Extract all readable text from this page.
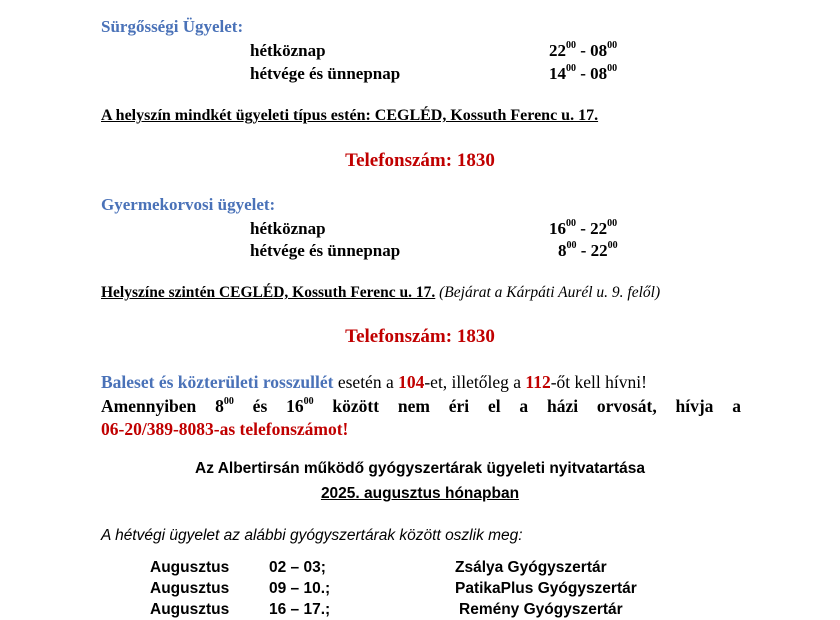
Sürgősségi Ügyelet:
hétköznap	$22^{00} - 08^{00}$
hétvége és ünnepnap	$14^{00} - 08^{00}$
A helyszín mindkét ügyeleti típus estén: CEGLÉD, Kossuth Ferenc u. 17.
Telefonszám: 1830
Gyermekorvosi ügyelet:
hétköznap	$16^{00} - 22^{00}$
hétvége és ünnepnap	$8^{00} - 22^{00}$
Helyszíne szintén CEGLÉD, Kossuth Ferenc u. 17. (Bejárat a Kárpáti Aurél u. 9. felől)
Telefonszám: 1830
Baleset és közterületi rosszullét esetén a 104-et, illetőleg a 112-őt kell hívni!
Amennyiben $8^{00}$ és $16^{00}$ között nem éri el a házi orvosát, hívja a
06-20/389-8083-as telefonszámot!
Az Albertirsán működő gyógyszertárak ügyeleti nyitvatartása
2025. augusztus hónapban
A hétvégi ügyelet az alábbi gyógyszertárak között oszlik meg:
Augusztus	02 – 03;	Zsálya Gyógyszertár
Augusztus	09 – 10.;	PatikaPlus Gyógyszertár
Augusztus	16 – 17.;	Remény Gyógyszertár
